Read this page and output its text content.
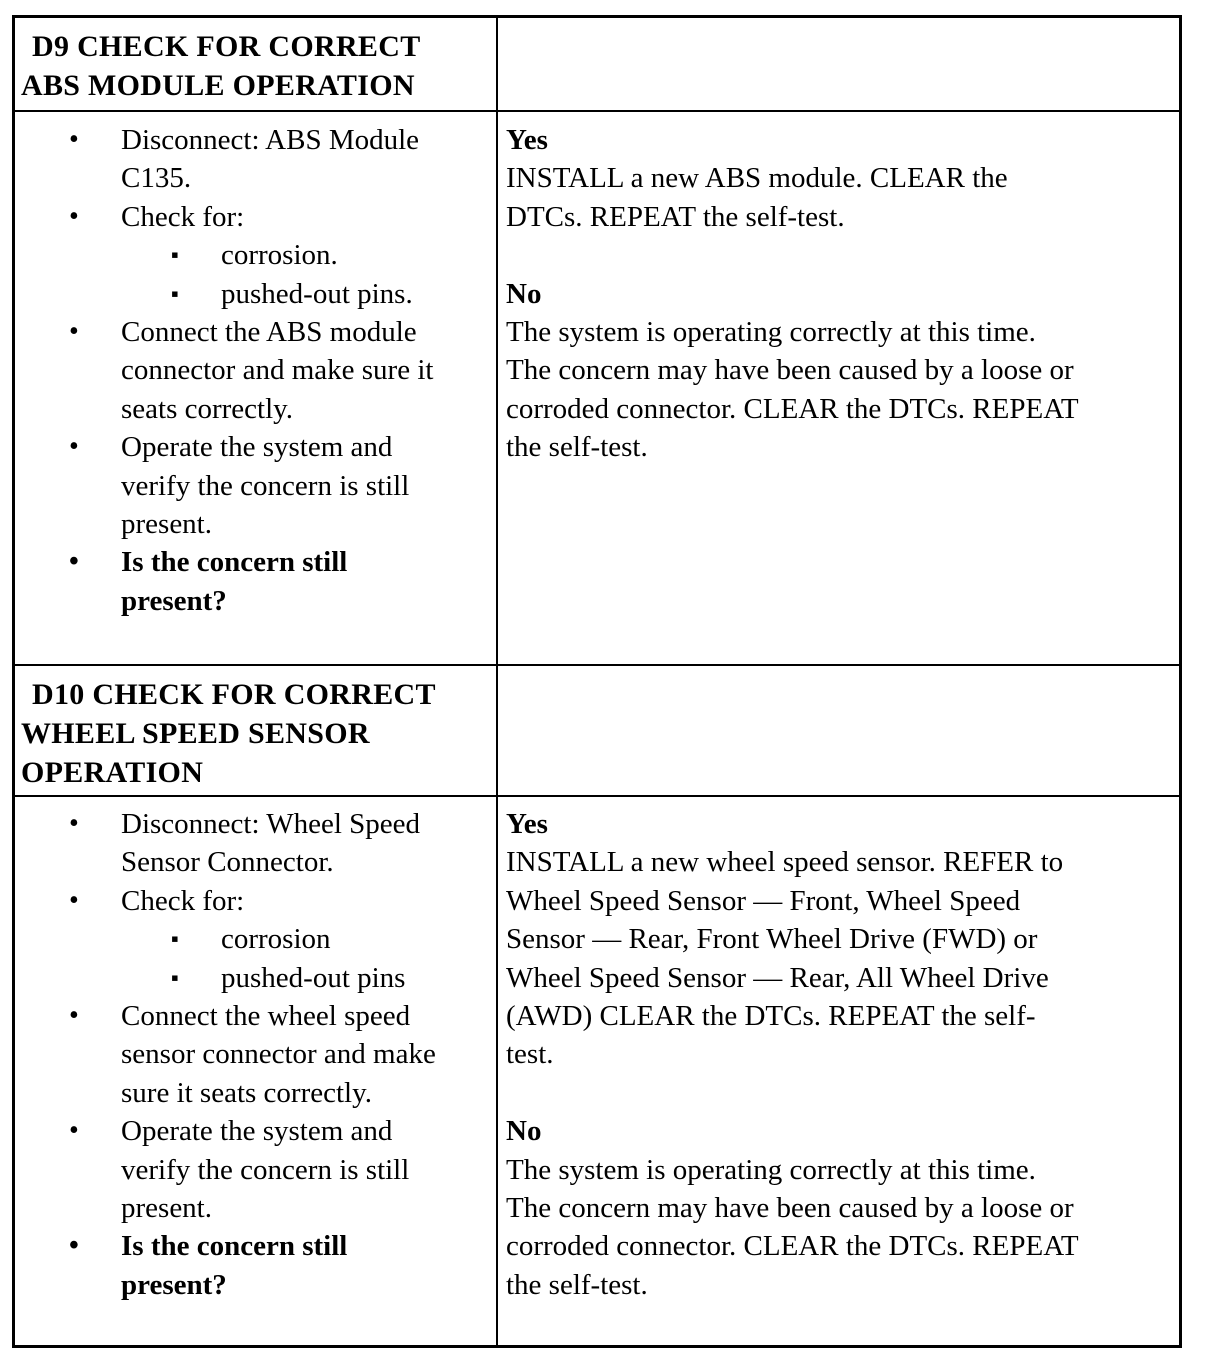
D9 CHECK FOR CORRECT
ABS MODULE OPERATION
• Disconnect: ABS Module
C135.
• Check for:
▪ corrosion.
▪ pushed-out pins.
• Connect the ABS module
connector and make sure it
seats correctly.
• Operate the system and
verify the concern is still
present.
• Is the concern still
present?
Yes
INSTALL a new ABS module. CLEAR the
DTCs. REPEAT the self-test.
No
The system is operating correctly at this time.
The concern may have been caused by a loose or
corroded connector. CLEAR the DTCs. REPEAT
the self-test.
D10 CHECK FOR CORRECT
WHEEL SPEED SENSOR
OPERATION
• Disconnect: Wheel Speed
Sensor Connector.
• Check for:
▪ corrosion
▪ pushed-out pins
• Connect the wheel speed
sensor connector and make
sure it seats correctly.
• Operate the system and
verify the concern is still
present.
• Is the concern still
present?
Yes
INSTALL a new wheel speed sensor. REFER to
Wheel Speed Sensor — Front, Wheel Speed
Sensor — Rear, Front Wheel Drive (FWD) or
Wheel Speed Sensor — Rear, All Wheel Drive
(AWD) CLEAR the DTCs. REPEAT the self-
test.
No
The system is operating correctly at this time.
The concern may have been caused by a loose or
corroded connector. CLEAR the DTCs. REPEAT
the self-test.
